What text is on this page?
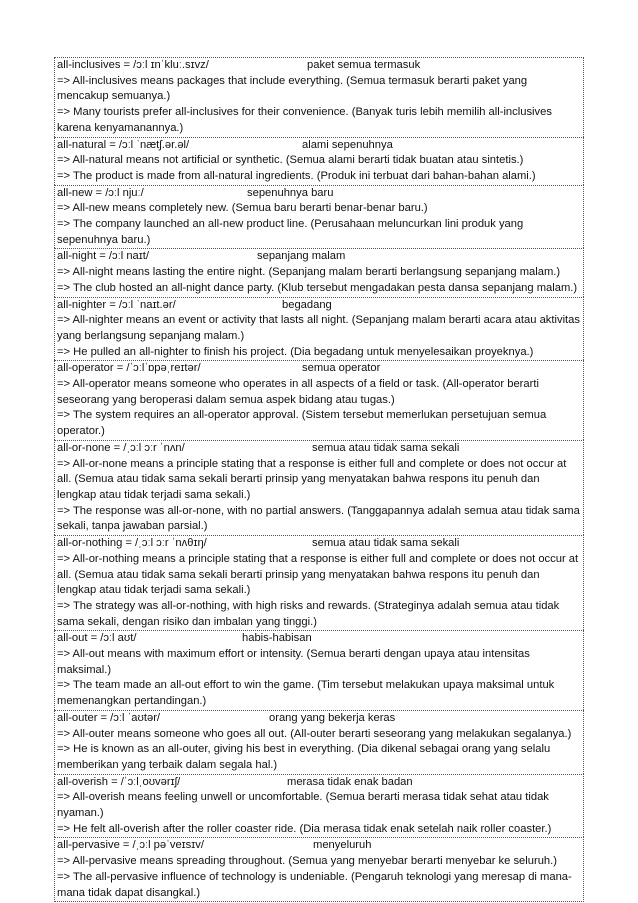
all-inclusives = /ɔːl ɪnˈkluː.sɪvz/	paket semua termasuk
=> All-inclusives means packages that include everything. (Semua termasuk berarti paket yang mencakup semuanya.)
=> Many tourists prefer all-inclusives for their convenience. (Banyak turis lebih memilih all-inclusives karena kenyamanannya.)
all-natural = /ɔːl ˈnætʃ.ər.əl/	alami sepenuhnya
=> All-natural means not artificial or synthetic. (Semua alami berarti tidak buatan atau sintetis.)
=> The product is made from all-natural ingredients. (Produk ini terbuat dari bahan-bahan alami.)
all-new = /ɔːl njuː/	sepenuhnya baru
=> All-new means completely new. (Semua baru berarti benar-benar baru.)
=> The company launched an all-new product line. (Perusahaan meluncurkan lini produk yang sepenuhnya baru.)
all-night = /ɔːl naɪt/	sepanjang malam
=> All-night means lasting the entire night. (Sepanjang malam berarti berlangsung sepanjang malam.)
=> The club hosted an all-night dance party. (Klub tersebut mengadakan pesta dansa sepanjang malam.)
all-nighter = /ɔːl ˈnaɪt.ər/	begadang
=> All-nighter means an event or activity that lasts all night. (Sepanjang malam berarti acara atau aktivitas yang berlangsung sepanjang malam.)
=> He pulled an all-nighter to finish his project. (Dia begadang untuk menyelesaikan proyeknya.)
all-operator = /ˈɔːlˈɒpəˌreɪtər/	semua operator
=> All-operator means someone who operates in all aspects of a field or task. (All-operator berarti seseorang yang beroperasi dalam semua aspek bidang atau tugas.)
=> The system requires an all-operator approval. (Sistem tersebut memerlukan persetujuan semua operator.)
all-or-none = /ˌɔːl ɔːr ˈnʌn/	semua atau tidak sama sekali
=> All-or-none means a principle stating that a response is either full and complete or does not occur at all. (Semua atau tidak sama sekali berarti prinsip yang menyatakan bahwa respons itu penuh dan lengkap atau tidak terjadi sama sekali.)
=> The response was all-or-none, with no partial answers. (Tanggapannya adalah semua atau tidak sama sekali, tanpa jawaban parsial.)
all-or-nothing = /ˌɔːl ɔːr ˈnʌθɪŋ/	semua atau tidak sama sekali
=> All-or-nothing means a principle stating that a response is either full and complete or does not occur at all. (Semua atau tidak sama sekali berarti prinsip yang menyatakan bahwa respons itu penuh dan lengkap atau tidak terjadi sama sekali.)
=> The strategy was all-or-nothing, with high risks and rewards. (Strateginya adalah semua atau tidak sama sekali, dengan risiko dan imbalan yang tinggi.)
all-out = /ɔːl aʊt/	habis-habisan
=> All-out means with maximum effort or intensity. (Semua berarti dengan upaya atau intensitas maksimal.)
=> The team made an all-out effort to win the game. (Tim tersebut melakukan upaya maksimal untuk memenangkan pertandingan.)
all-outer = /ɔːl ˈaʊtər/	orang yang bekerja keras
=> All-outer means someone who goes all out. (All-outer berarti seseorang yang melakukan segalanya.)
=> He is known as an all-outer, giving his best in everything. (Dia dikenal sebagai orang yang selalu memberikan yang terbaik dalam segala hal.)
all-overish = /ˈɔːlˌoʊvərɪʃ/	merasa tidak enak badan
=> All-overish means feeling unwell or uncomfortable. (Semua berarti merasa tidak sehat atau tidak nyaman.)
=> He felt all-overish after the roller coaster ride. (Dia merasa tidak enak setelah naik roller coaster.)
all-pervasive = /ˌɔːl pəˈveɪsɪv/	menyeluruh
=> All-pervasive means spreading throughout. (Semua yang menyebar berarti menyebar ke seluruh.)
=> The all-pervasive influence of technology is undeniable. (Pengaruh teknologi yang meresap di mana-mana tidak dapat disangkal.)
